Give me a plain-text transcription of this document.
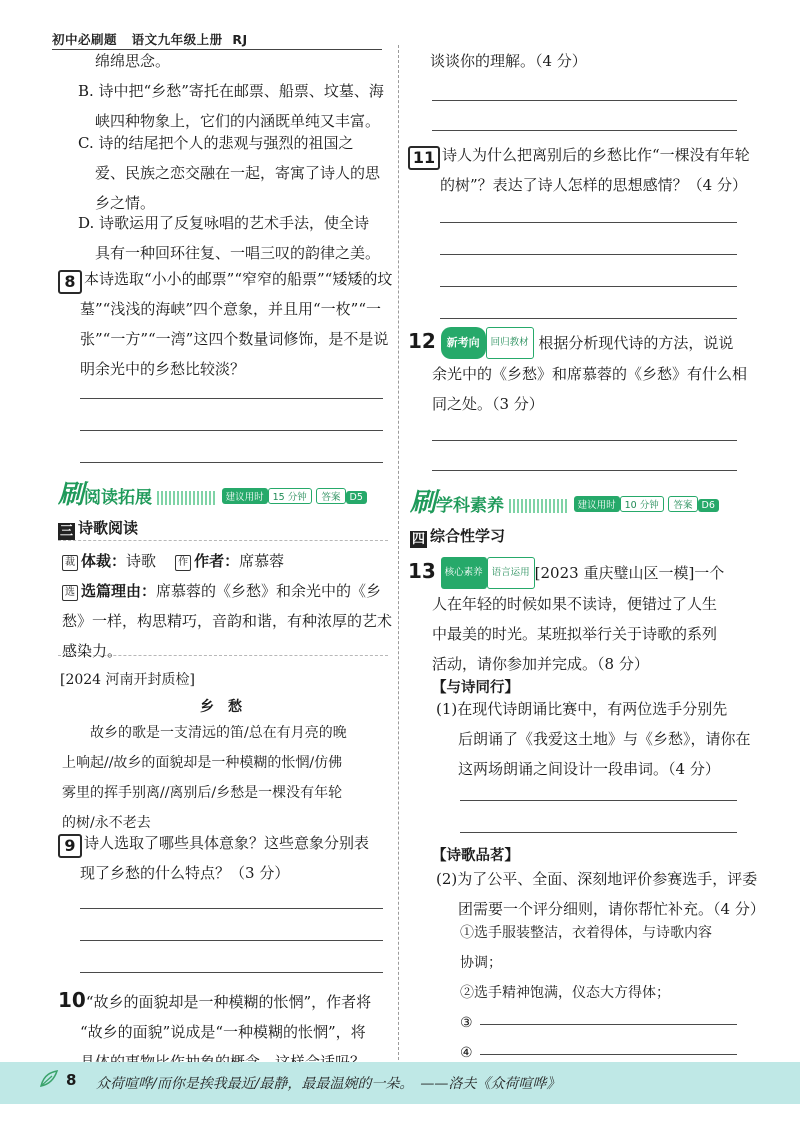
初中必刷题 语文九年级上册 RJ
绵绵思念。
B. 诗中把“乡愁”寄托在邮票、船票、坟墓、海
峡四种物象上，它们的内涵既单纯又丰富。
C. 诗的结尾把个人的悲观与强烈的祖国之
爱、民族之恋交融在一起，寄寓了诗人的思
乡之情。
D. 诗歌运用了反复咏唱的艺术手法，使全诗
具有一种回环往复、一唱三叹的韵律之美。
8 本诗选取“小小的邮票”“窄窄的船票”“矮矮的坟
墓”“浅浅的海峡”四个意象，并且用“一枚”“一
张”“一方”“一湾”这四个数量词修饰，是不是说
明余光中的乡愁比较淡？
刷阅读拓展	建议用时 15 分钟 答案 D5
三 诗歌阅读
裁 体裁：诗歌 作 作者：席慕蓉
选 选篇理由：席慕蓉的《乡愁》和余光中的《乡
愁》一样，构思精巧，音韵和谐，有种浓厚的艺术
感染力。
[2024 河南开封质检]
乡　愁
故乡的歌是一支清远的笛/总在有月亮的晚
上响起//故乡的面貌却是一种模糊的怅惘/仿佛
雾里的挥手别离//离别后/乡愁是一棵没有年轮
的树/永不老去
9 诗人选取了哪些具体意象？这些意象分别表
现了乡愁的什么特点？（3 分）
10“故乡的面貌却是一种模糊的怅惘”，作者将
“故乡的面貌”说成是“一种模糊的怅惘”，将
谈谈你的理解。（4 分）
11 诗人为什么把离别后的乡愁比作“一棵没有年轮
的树”？表达了诗人怎样的思想感情？（4 分）
12 新考向 回归教材 根据分析现代诗的方法，说说
余光中的《乡愁》和席慕蓉的《乡愁》有什么相
同之处。（3 分）
刷学科素养	建议用时 10 分钟 答案 D6
四 综合性学习
13 核心素养 语言运用 [2023 重庆璧山区一模]一个
人在年轻的时候如果不读诗，便错过了人生
中最美的时光。某班拟举行关于诗歌的系列
活动，请你参加并完成。（8 分）
【与诗同行】
(1)在现代诗朗诵比赛中，有两位选手分别先
后朗诵了《我爱这土地》与《乡愁》，请你在
这两场朗诵之间设计一段串词。（4 分）
【诗歌品茗】
(2)为了公平、全面、深刻地评价参赛选手，评委
团需要一个评分细则，请你帮忙补充。（4 分）
①选手服装整洁，衣着得体，与诗歌内容
协调；
②选手精神饱满，仪态大方得体；
③
④
8 众荷喧哗/而你是挨我最近/最静，最最温婉的一朵。　——洛夫《众荷喧哗》
